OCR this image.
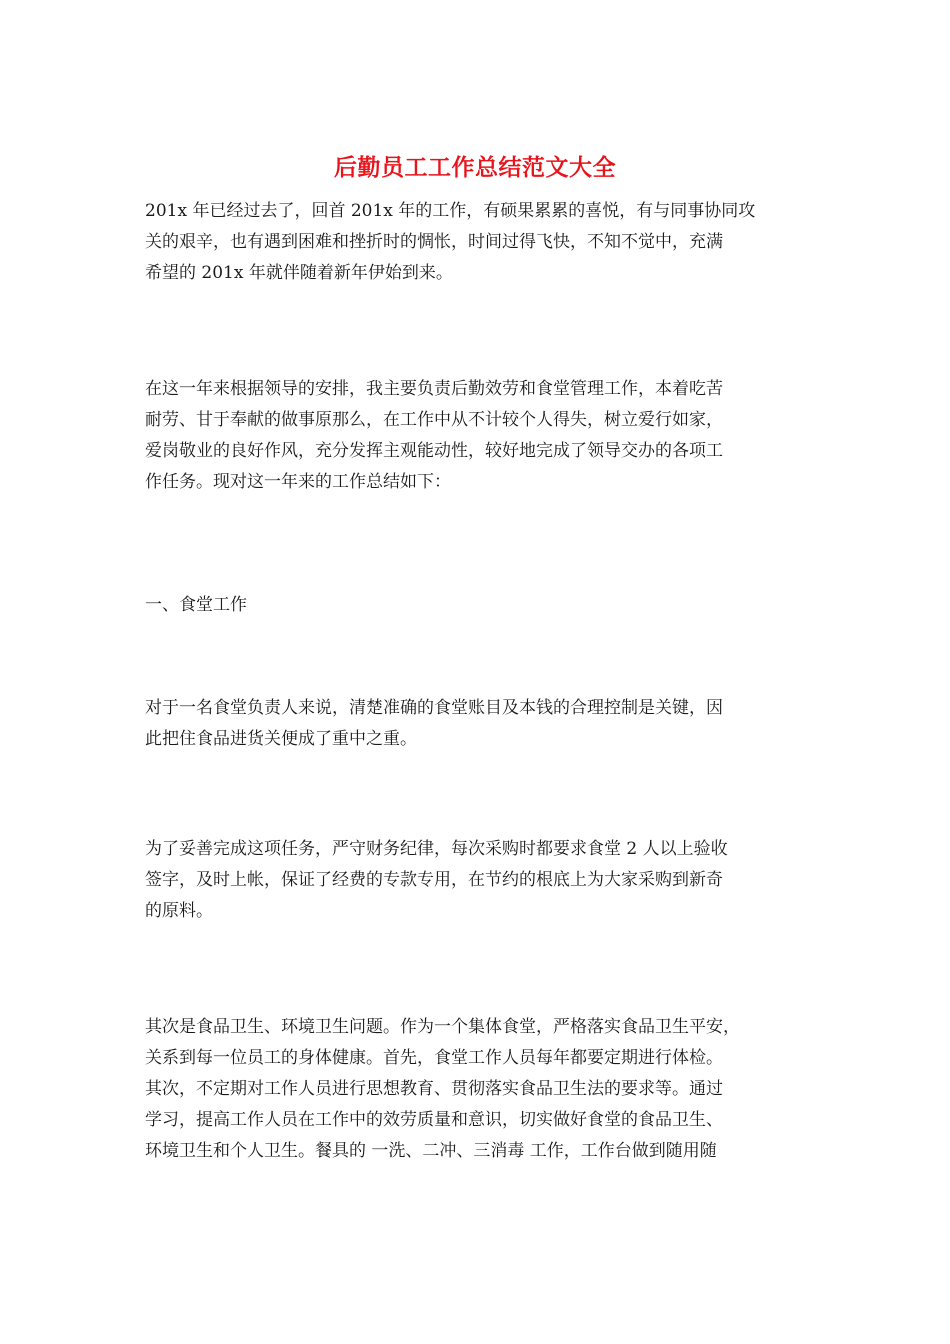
后勤员工工作总结范文大全
201x 年已经过去了，回首 201x 年的工作，有硕果累累的喜悦，有与同事协同攻
关的艰辛，也有遇到困难和挫折时的惆怅，时间过得飞快，不知不觉中，充满
希望的 201x 年就伴随着新年伊始到来。
在这一年来根据领导的安排，我主要负责后勤效劳和食堂管理工作，本着吃苦
耐劳、甘于奉献的做事原那么，在工作中从不计较个人得失，树立爱行如家，
爱岗敬业的良好作风，充分发挥主观能动性，较好地完成了领导交办的各项工
作任务。现对这一年来的工作总结如下：
一、食堂工作
对于一名食堂负责人来说，清楚准确的食堂账目及本钱的合理控制是关键，因
此把住食品进货关便成了重中之重。
为了妥善完成这项任务，严守财务纪律，每次采购时都要求食堂 2 人以上验收
签字，及时上帐，保证了经费的专款专用，在节约的根底上为大家采购到新奇
的原料。
其次是食品卫生、环境卫生问题。作为一个集体食堂，严格落实食品卫生平安，
关系到每一位员工的身体健康。首先，食堂工作人员每年都要定期进行体检。
其次，不定期对工作人员进行思想教育、贯彻落实食品卫生法的要求等。通过
学习，提高工作人员在工作中的效劳质量和意识，切实做好食堂的食品卫生、
环境卫生和个人卫生。餐具的 一洗、二冲、三消毒 工作，工作台做到随用随
